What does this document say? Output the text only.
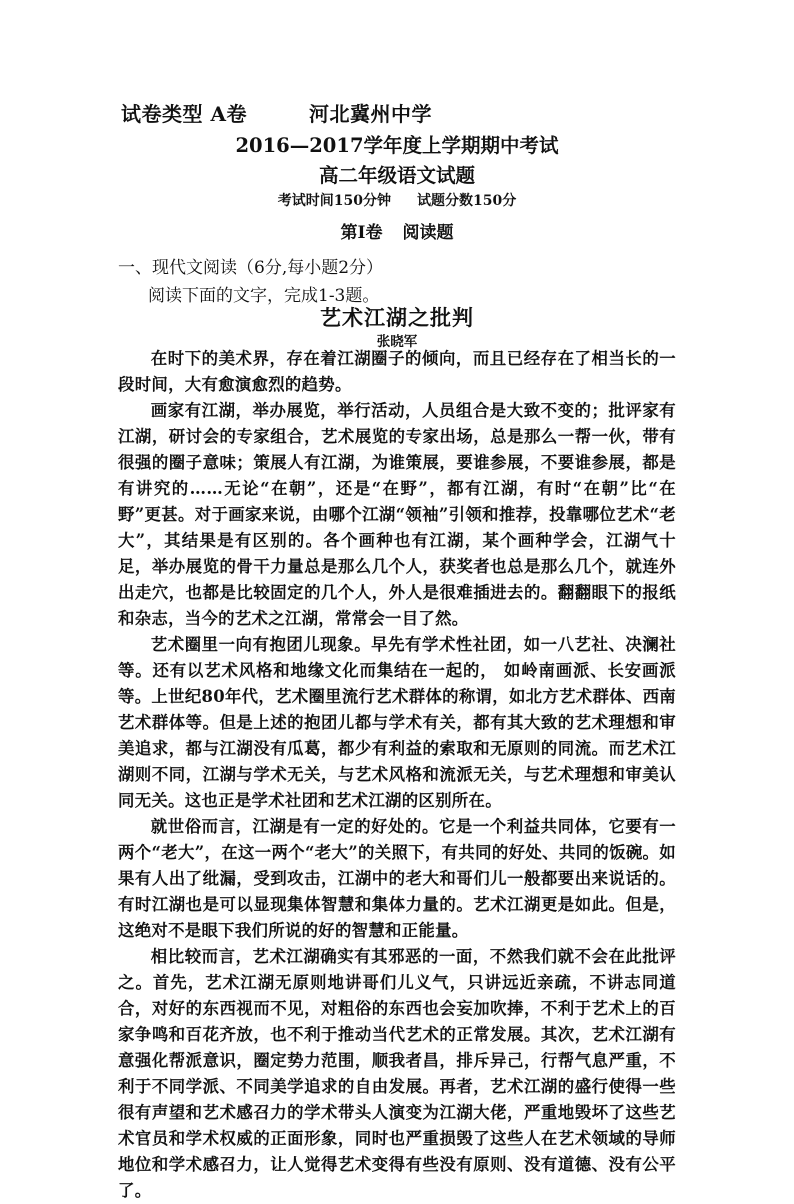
试卷类型 A卷	河北冀州中学
2016—2017学年度上学期期中考试
高二年级语文试题
考试时间150分钟 试题分数150分
第Ⅰ卷 阅读题
一、现代文阅读（6分,每小题2分）
阅读下面的文字，完成1-3题。
艺术江湖之批判
张晓军

在时下的美术界，存在着江湖圈子的倾向，而且已经存在了相当长的一段时间，大有愈演愈烈的趋势。

画家有江湖，举办展览，举行活动，人员组合是大致不变的；批评家有江湖，研讨会的专家组合，艺术展览的专家出场，总是那么一帮一伙，带有很强的圈子意味；策展人有江湖，为谁策展，要谁参展，不要谁参展，都是有讲究的……无论“在朝”，还是“在野”，都有江湖，有时“在朝”比“在野”更甚。对于画家来说，由哪个江湖“领袖”引领和推荐，投靠哪位艺术“老大”，其结果是有区别的。各个画种也有江湖，某个画种学会，江湖气十足，举办展览的骨干力量总是那么几个人，获奖者也总是那么几个，就连外出走穴，也都是比较固定的几个人，外人是很难插进去的。翻翻眼下的报纸和杂志，当今的艺术之江湖，常常会一目了然。

艺术圈里一向有抱团儿现象。早先有学术性社团，如一八艺社、决澜社等。还有以艺术风格和地缘文化而集结在一起的， 如岭南画派、长安画派等。上世纪80年代，艺术圈里流行艺术群体的称谓，如北方艺术群体、西南艺术群体等。但是上述的抱团儿都与学术有关，都有其大致的艺术理想和审美追求，都与江湖没有瓜葛，都少有利益的索取和无原则的同流。而艺术江湖则不同，江湖与学术无关，与艺术风格和流派无关，与艺术理想和审美认同无关。这也正是学术社团和艺术江湖的区别所在。

就世俗而言，江湖是有一定的好处的。它是一个利益共同体，它要有一两个“老大”，在这一两个“老大”的关照下，有共同的好处、共同的饭碗。如果有人出了纰漏，受到攻击，江湖中的老大和哥们儿一般都要出来说话的。有时江湖也是可以显现集体智慧和集体力量的。艺术江湖更是如此。但是，这绝对不是眼下我们所说的好的智慧和正能量。

相比较而言，艺术江湖确实有其邪恶的一面，不然我们就不会在此批评之。首先，艺术江湖无原则地讲哥们儿义气，只讲远近亲疏，不讲志同道合，对好的东西视而不见，对粗俗的东西也会妄加吹捧，不利于艺术上的百家争鸣和百花齐放，也不利于推动当代艺术的正常发展。其次，艺术江湖有意强化帮派意识，圈定势力范围，顺我者昌，排斥异己，行帮气息严重，不利于不同学派、不同美学追求的自由发展。再者，艺术江湖的盛行使得一些很有声望和艺术感召力的学术带头人演变为江湖大佬，严重地毁坏了这些艺术官员和学术权威的正面形象，同时也严重损毁了这些人在艺术领域的导师地位和学术感召力，让人觉得艺术变得有些没有原则、没有道德、没有公平了。
